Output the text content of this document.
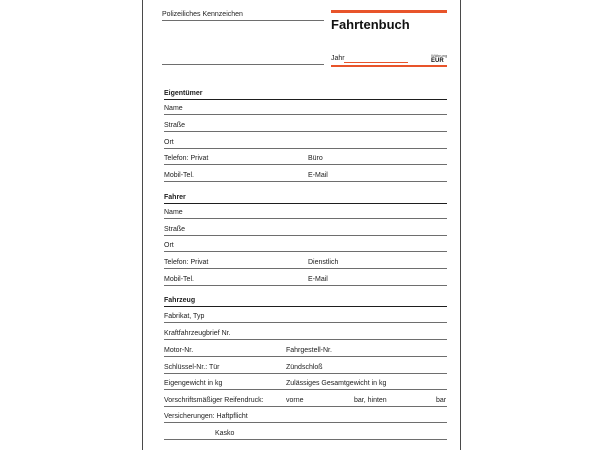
Polizeiliches Kennzeichen
Fahrtenbuch
Jahr	Währung
EUR
Eigentümer
Name
Straße
Ort
Telefon: Privat	Büro
Mobil-Tel.	E-Mail
Fahrer
Name
Straße
Ort
Telefon: Privat	Dienstlich
Mobil-Tel.	E-Mail
Fahrzeug
Fabrikat, Typ
Kraftfahrzeugbrief Nr.
Motor-Nr.	Fahrgestell-Nr.
Schlüssel-Nr.: Tür	Zündschloß
Eigengewicht in kg	Zulässiges Gesamtgewicht in kg
Vorschriftsmäßiger Reifendruck:	vorne	bar, hinten	bar
Versicherungen: Haftpflicht
Kasko
